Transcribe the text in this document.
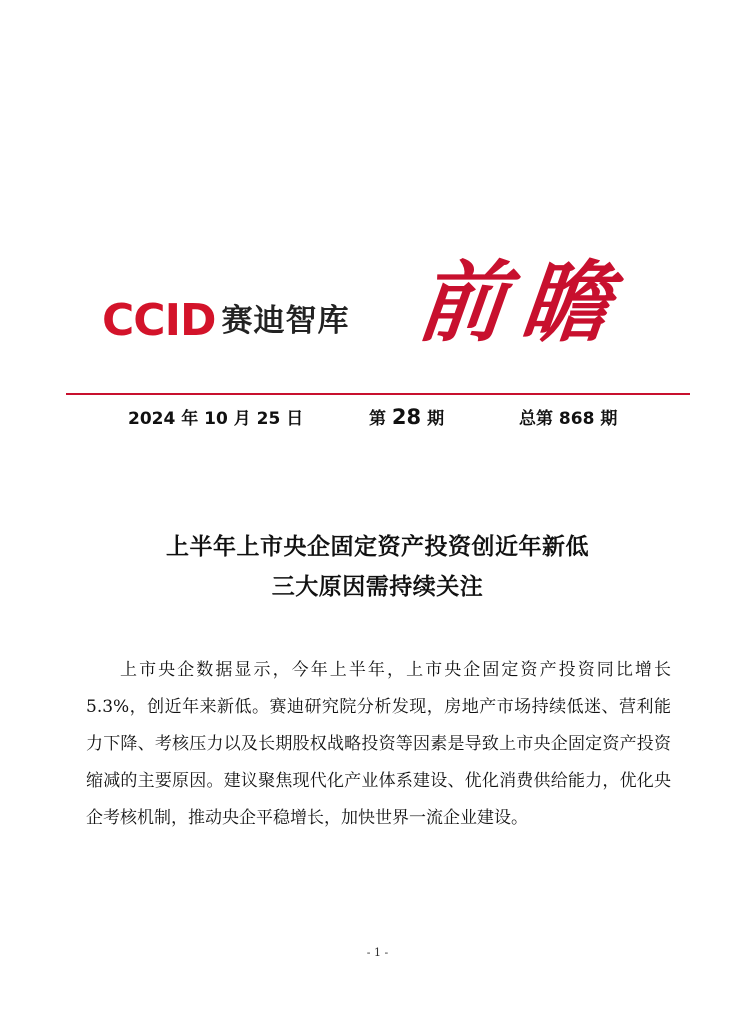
CCID 赛迪智库 前瞻
2024 年 10 月 25 日	第 28 期	总第 868 期
上半年上市央企固定资产投资创近年新低
三大原因需持续关注

上市央企数据显示，今年上半年，上市央企固定资产投资同比增长 5.3%，创近年来新低。赛迪研究院分析发现，房地产市场持续低迷、营利能力下降、考核压力以及长期股权战略投资等因素是导致上市央企固定资产投资缩减的主要原因。建议聚焦现代化产业体系建设、优化消费供给能力，优化央企考核机制，推动央企平稳增长，加快世界一流企业建设。

- 1 -
